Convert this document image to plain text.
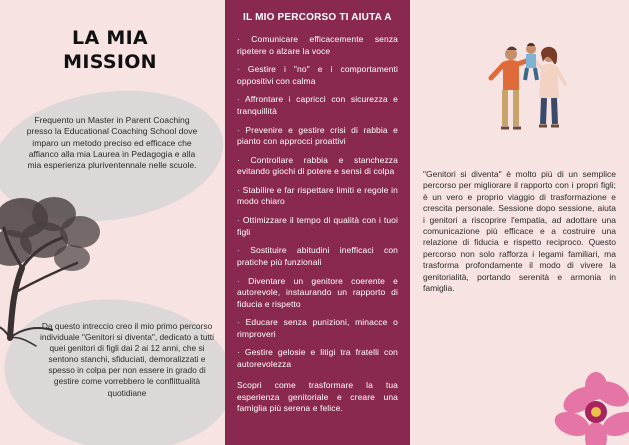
LA MIA MISSION
Frequento un Master in Parent Coaching presso la Educational Coaching School dove imparo un metodo preciso ed efficace che affianco alla mia Laurea in Pedagogia e alla mia esperienza pluriventennale nelle scuole.
Da questo intreccio creo il mio primo percorso individuale "Genitori si diventa", dedicato a tutti quei genitori di figli dai 2 ai 12 anni, che si sentono stanchi, sfiduciati, demoralizzati e spesso in colpa per non essere in grado di gestire come vorrebbero le conflittualità quotidiane
IL MIO PERCORSO TI AIUTA A
· Comunicare efficacemente senza ripetere o alzare la voce
· Gestire i "no" e i comportamenti oppositivi con calma
· Affrontare i capricci con sicurezza e tranquillità
· Prevenire e gestire crisi di rabbia e pianto con approcci proattivi
· Controllare rabbia e stanchezza evitando giochi di potere e sensi di colpa
· Stabilire e far rispettare limiti e regole in modo chiaro
· Ottimizzare il tempo di qualità con i tuoi figli
· Sostituire abitudini inefficaci con pratiche più funzionali
· Diventare un genitore coerente e autorevole, instaurando un rapporto di fiducia e rispetto
· Educare senza punizioni, minacce o rimproveri
· Gestire gelosie e litigi tra fratelli con autorevolezza

Scopri come trasformare la tua esperienza genitoriale e creare una famiglia più serena e felice.

"Genitori si diventa" è molto più di un semplice percorso per migliorare il rapporto con i propri figli; è un vero e proprio viaggio di trasformazione e crescita personale. Sessione dopo sessione, aiuta i genitori a riscoprire l'empatia, ad adottare una comunicazione più efficace e a costruire una relazione di fiducia e rispetto reciproco. Questo percorso non solo rafforza i legami familiari, ma trasforma profondamente il modo di vivere la genitorialità, portando serenità e armonia in famiglia.
